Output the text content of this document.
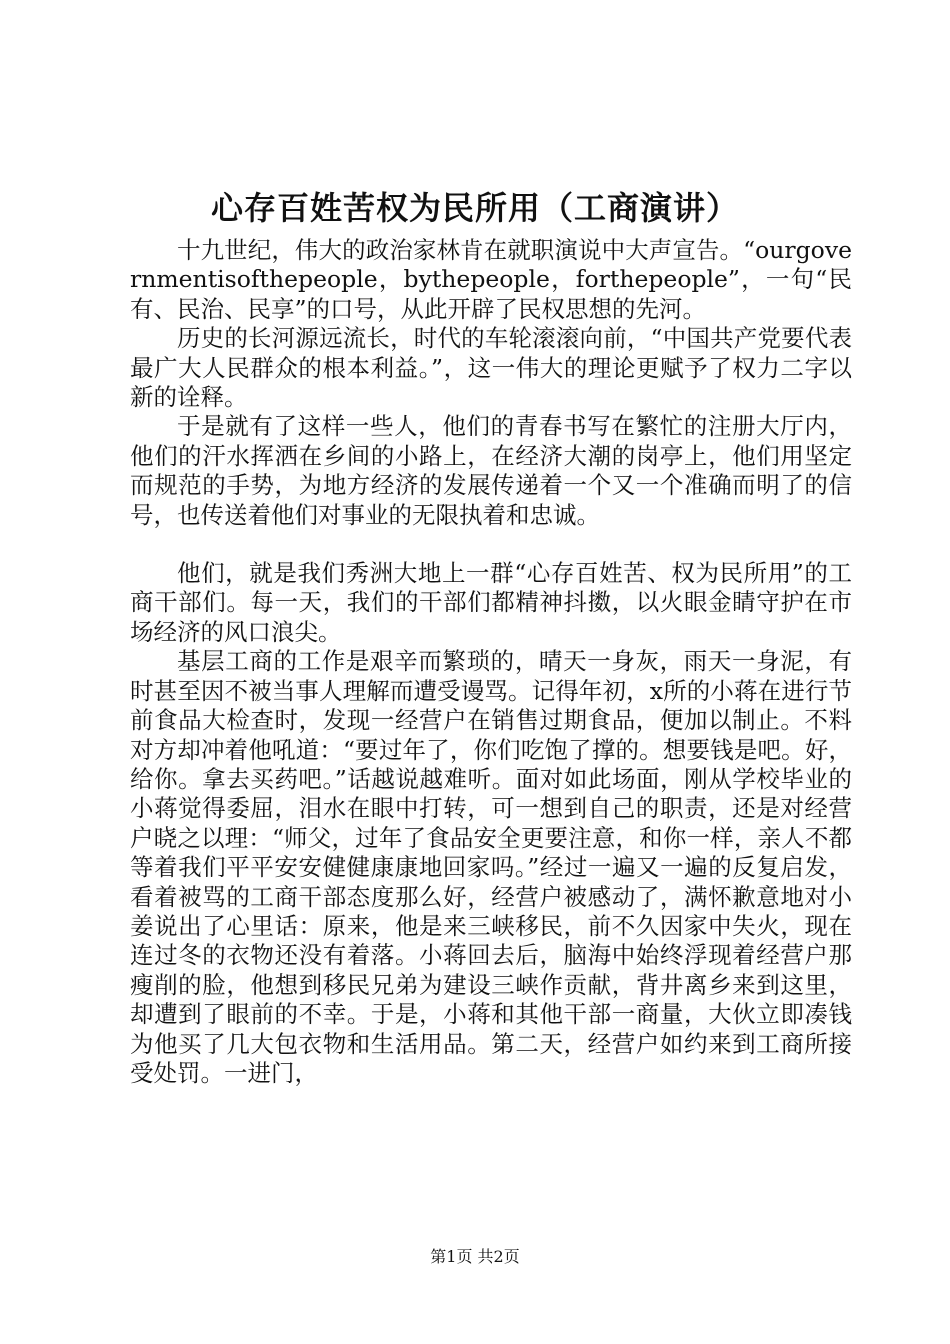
心存百姓苦权为民所用（工商演讲）

十九世纪，伟大的政治家林肯在就职演说中大声宣告。“ourgovernmentisofthepeople，bythepeople，forthepeople”，一句“民有、民治、民享”的口号，从此开辟了民权思想的先河。

历史的长河源远流长，时代的车轮滚滚向前，“中国共产党要代表最广大人民群众的根本利益。”，这一伟大的理论更赋予了权力二字以新的诠释。

于是就有了这样一些人，他们的青春书写在繁忙的注册大厅内，他们的汗水挥洒在乡间的小路上，在经济大潮的岗亭上，他们用坚定而规范的手势，为地方经济的发展传递着一个又一个准确而明了的信号，也传送着他们对事业的无限执着和忠诚。

他们，就是我们秀洲大地上一群“心存百姓苦、权为民所用”的工商干部们。每一天，我们的干部们都精神抖擞，以火眼金睛守护在市场经济的风口浪尖。

基层工商的工作是艰辛而繁琐的，晴天一身灰，雨天一身泥，有时甚至因不被当事人理解而遭受谩骂。记得年初，x所的小蒋在进行节前食品大检查时，发现一经营户在销售过期食品，便加以制止。不料对方却冲着他吼道：“要过年了，你们吃饱了撑的。想要钱是吧。好，给你。拿去买药吧。”话越说越难听。面对如此场面，刚从学校毕业的小蒋觉得委屈，泪水在眼中打转，可一想到自己的职责，还是对经营户晓之以理：“师父，过年了食品安全更要注意，和你一样，亲人不都等着我们平平安安健健康康地回家吗。”经过一遍又一遍的反复启发，看着被骂的工商干部态度那么好，经营户被感动了，满怀歉意地对小姜说出了心里话：原来，他是来三峡移民，前不久因家中失火，现在连过冬的衣物还没有着落。小蒋回去后，脑海中始终浮现着经营户那瘦削的脸，他想到移民兄弟为建设三峡作贡献，背井离乡来到这里，却遭到了眼前的不幸。于是，小蒋和其他干部一商量，大伙立即凑钱为他买了几大包衣物和生活用品。第二天，经营户如约来到工商所接受处罚。一进门，

第1页 共2页
